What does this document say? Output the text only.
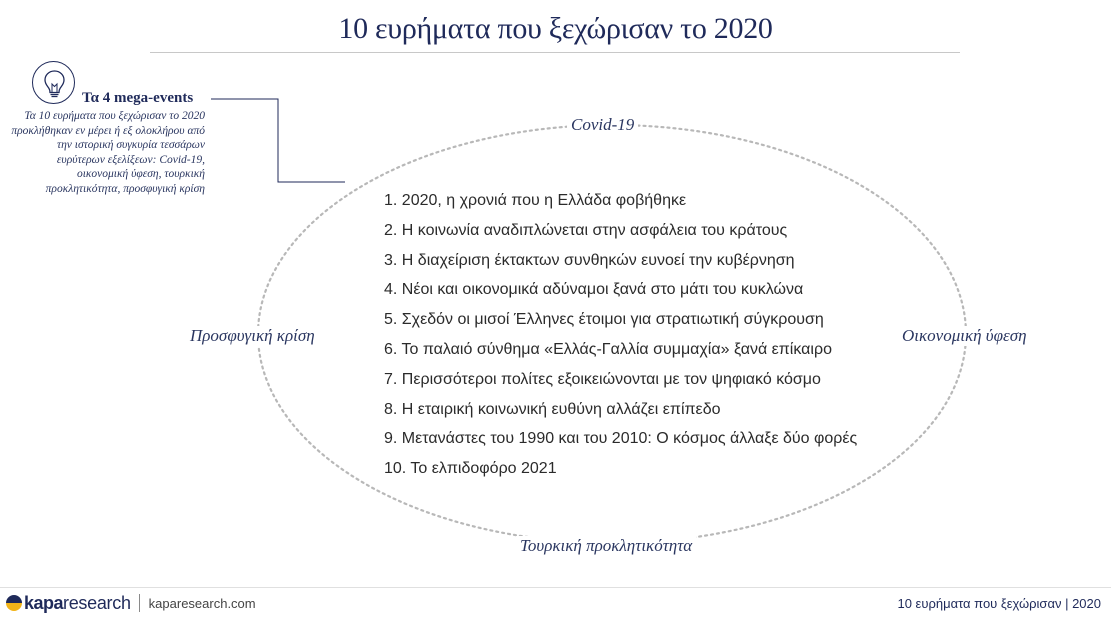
10 ευρήματα που ξεχώρισαν το 2020
Τα 4 mega-events
Τα 10 ευρήματα που ξεχώρισαν το 2020 προκλήθηκαν εν μέρει ή εξ ολοκλήρου από την ιστορική συγκυρία τεσσάρων ευρύτερων εξελίξεων: Covid-19, οικονομική ύφεση, τουρκική προκλητικότητα, προσφυγική κρίση
Covid-19
Προσφυγική κρίση	Οικονομική ύφεση
Τουρκική προκλητικότητα
1. 2020, η χρονιά που η Ελλάδα φοβήθηκε
2. Η κοινωνία αναδιπλώνεται στην ασφάλεια του κράτους
3. Η διαχείριση έκτακτων συνθηκών ευνοεί την κυβέρνηση
4. Νέοι και οικονομικά αδύναμοι ξανά στο μάτι του κυκλώνα
5. Σχεδόν οι μισοί Έλληνες έτοιμοι για στρατιωτική σύγκρουση
6. Το παλαιό σύνθημα «Ελλάς-Γαλλία συμμαχία» ξανά επίκαιρο
7. Περισσότεροι πολίτες εξοικειώνονται με τον ψηφιακό κόσμο
8. Η εταιρική κοινωνική ευθύνη αλλάζει επίπεδο
9. Μετανάστες του 1990 και του 2010: Ο κόσμος άλλαξε δύο φορές
10. Το ελπιδοφόρο 2021
kapa research kaparesearch.com	10 ευρήματα που ξεχώρισαν | 2020
